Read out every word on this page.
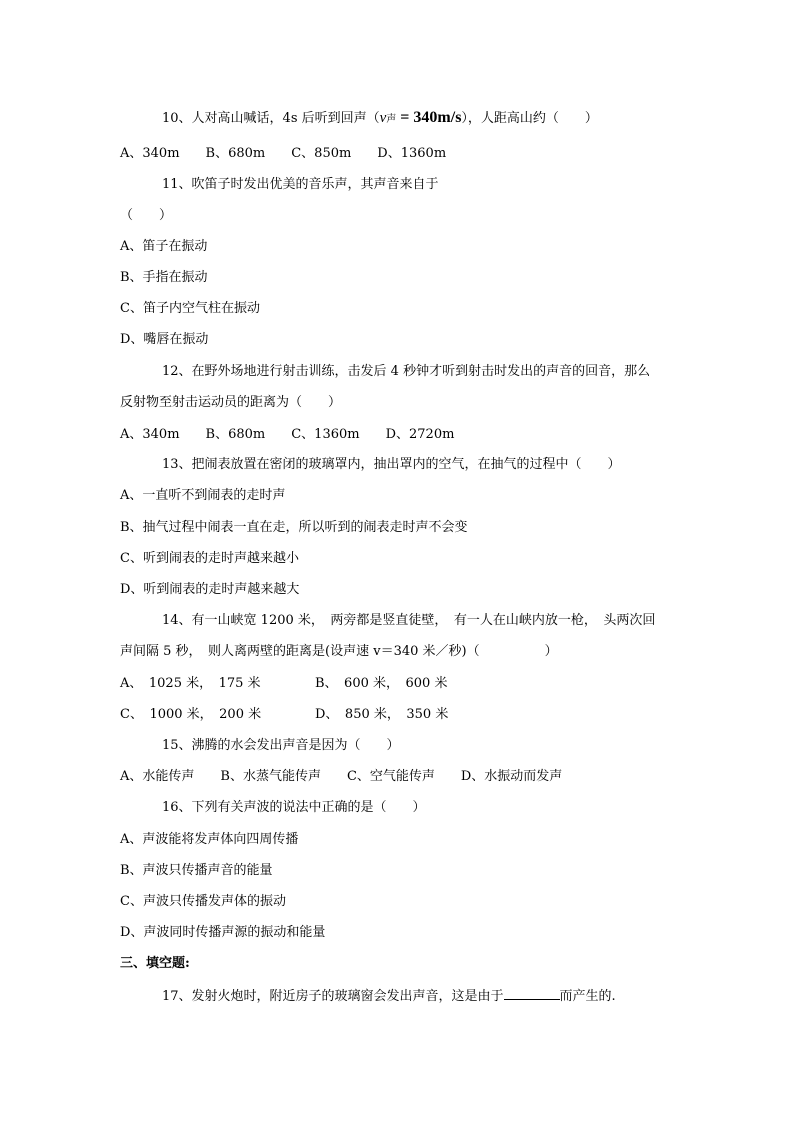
10、人对高山喊话，4s 后听到回声（v声 = 340m/s），人距高山约（　　）
A、340m　　B、680m　　C、850m　　D、1360m
11、吹笛子时发出优美的音乐声，其声音来自于
（　　）
A、笛子在振动
B、手指在振动
C、笛子内空气柱在振动
D、嘴唇在振动
12、在野外场地进行射击训练，击发后 4 秒钟才听到射击时发出的声音的回音，那么
反射物至射击运动员的距离为（　　）
A、340m　　B、680m　　C、1360m　　D、2720m
13、把闹表放置在密闭的玻璃罩内，抽出罩内的空气，在抽气的过程中（　　）
A、一直听不到闹表的走时声
B、抽气过程中闹表一直在走，所以听到的闹表走时声不会变
C、听到闹表的走时声越来越小
D、听到闹表的走时声越来越大
14、有一山峡宽 1200 米，　两旁都是竖直徒壁，　有一人在山峡内放一枪，　头两次回
声间隔 5 秒，　则人离两壁的距离是(设声速 v＝340 米／秒)（　　　　　）
A、　1025 米，　175 米	B、　600 米，　600 米
C、　1000 米，　200 米	D、　850 米，　350 米
15、沸腾的水会发出声音是因为（　　）
A、水能传声　　B、水蒸气能传声　　C、空气能传声　　D、水振动而发声
16、下列有关声波的说法中正确的是（　　）
A、声波能将发声体向四周传播
B、声波只传播声音的能量
C、声波只传播发声体的振动
D、声波同时传播声源的振动和能量
三、填空题:
17、发射火炮时，附近房子的玻璃窗会发出声音，这是由于	而产生的.
